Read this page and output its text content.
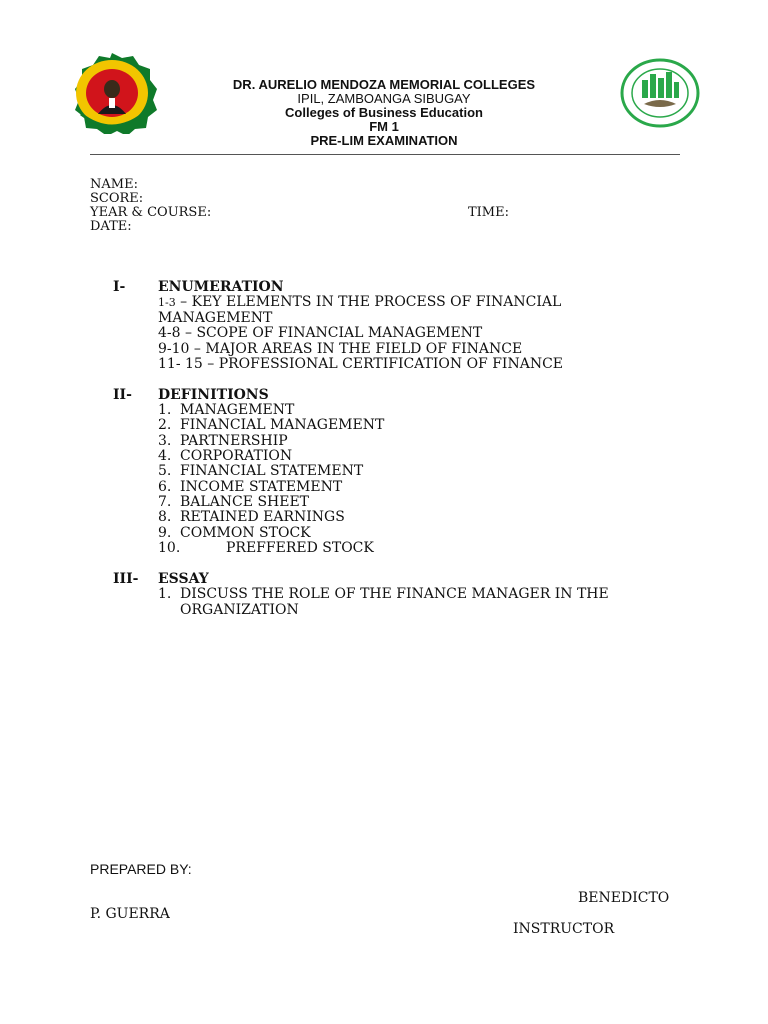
DR. AURELIO MENDOZA MEMORIAL COLLEGES
IPIL, ZAMBOANGA SIBUGAY
Colleges of Business Education
FM 1
PRE-LIM EXAMINATION
NAME:
SCORE:
YEAR & COURSE:	TIME:
DATE:
I- ENUMERATION
1-3 – KEY ELEMENTS IN THE PROCESS OF FINANCIAL
MANAGEMENT
4-8 – SCOPE OF FINANCIAL MANAGEMENT
9-10 – MAJOR AREAS IN THE FIELD OF FINANCE
11- 15 – PROFESSIONAL CERTIFICATION OF FINANCE
II- DEFINITIONS
1. MANAGEMENT
2. FINANCIAL MANAGEMENT
3. PARTNERSHIP
4. CORPORATION
5. FINANCIAL STATEMENT
6. INCOME STATEMENT
7. BALANCE SHEET
8. RETAINED EARNINGS
9. COMMON STOCK
10.	PREFFERED STOCK
III- ESSAY
1. DISCUSS THE ROLE OF THE FINANCE MANAGER IN THE
ORGANIZATION
PREPARED BY:
BENEDICTO
P. GUERRA
INSTRUCTOR
